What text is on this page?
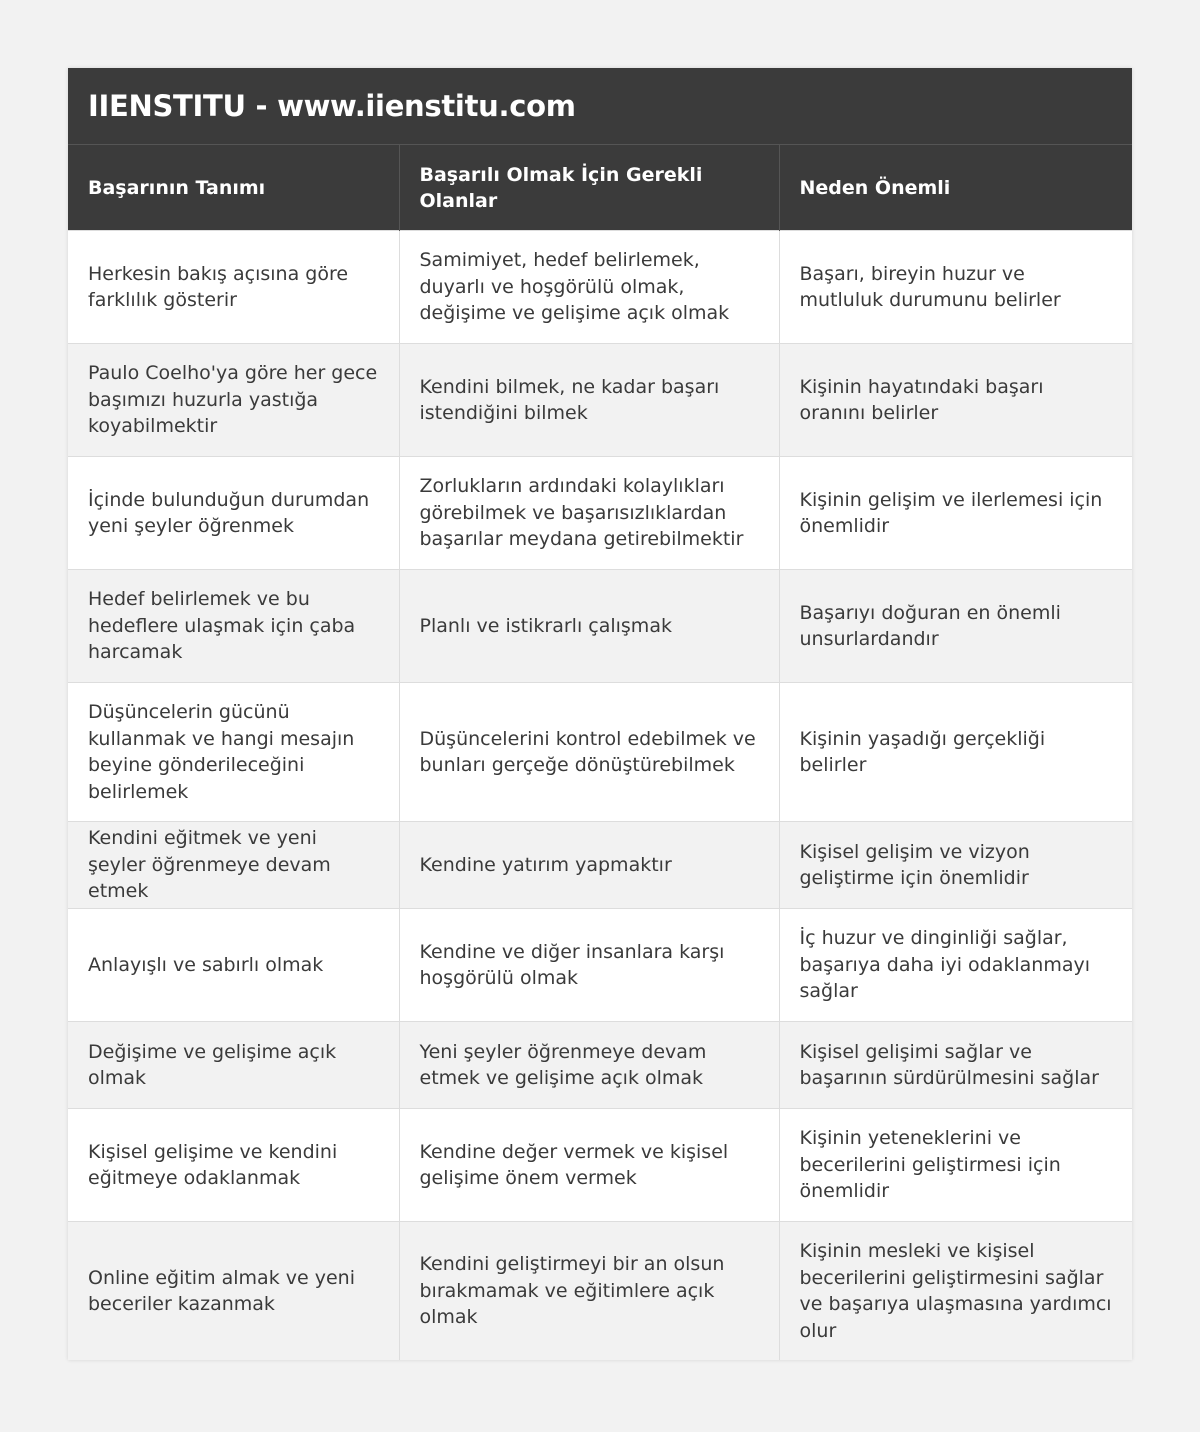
IIENSTITU - www.iienstitu.com
Başarının Tanımı	Başarılı Olmak İçin Gerekli Olanlar	Neden Önemli
Herkesin bakış açısına göre farklılık gösterir	Samimiyet, hedef belirlemek, duyarlı ve hoşgörülü olmak, değişime ve gelişime açık olmak	Başarı, bireyin huzur ve mutluluk durumunu belirler
Paulo Coelho'ya göre her gece başımızı huzurla yastığa koyabilmektir	Kendini bilmek, ne kadar başarı istendiğini bilmek	Kişinin hayatındaki başarı oranını belirler
İçinde bulunduğun durumdan yeni şeyler öğrenmek	Zorlukların ardındaki kolaylıkları görebilmek ve başarısızlıklardan başarılar meydana getirebilmektir	Kişinin gelişim ve ilerlemesi için önemlidir
Hedef belirlemek ve bu hedeflere ulaşmak için çaba harcamak	Planlı ve istikrarlı çalışmak	Başarıyı doğuran en önemli unsurlardandır
Düşüncelerin gücünü kullanmak ve hangi mesajın beyine gönderileceğini belirlemek	Düşüncelerini kontrol edebilmek ve bunları gerçeğe dönüştürebilmek	Kişinin yaşadığı gerçekliği belirler
Kendini eğitmek ve yeni şeyler öğrenmeye devam etmek	Kendine yatırım yapmaktır	Kişisel gelişim ve vizyon geliştirme için önemlidir
Anlayışlı ve sabırlı olmak	Kendine ve diğer insanlara karşı hoşgörülü olmak	İç huzur ve dinginliği sağlar, başarıya daha iyi odaklanmayı sağlar
Değişime ve gelişime açık olmak	Yeni şeyler öğrenmeye devam etmek ve gelişime açık olmak	Kişisel gelişimi sağlar ve başarının sürdürülmesini sağlar
Kişisel gelişime ve kendini eğitmeye odaklanmak	Kendine değer vermek ve kişisel gelişime önem vermek	Kişinin yeteneklerini ve becerilerini geliştirmesi için önemlidir
Online eğitim almak ve yeni beceriler kazanmak	Kendini geliştirmeyi bir an olsun bırakmamak ve eğitimlere açık olmak	Kişinin mesleki ve kişisel becerilerini geliştirmesini sağlar ve başarıya ulaşmasına yardımcı olur
